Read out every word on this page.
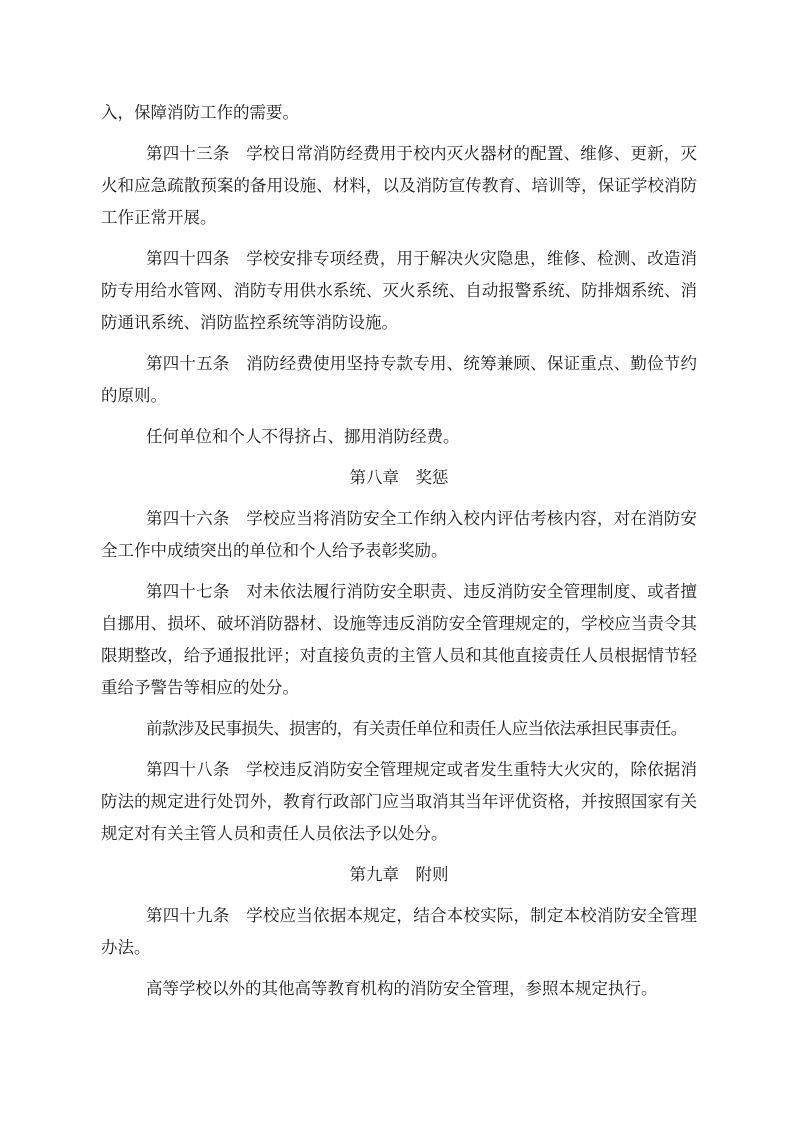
入，保障消防工作的需要。

第四十三条　学校日常消防经费用于校内灭火器材的配置、维修、更新，灭火和应急疏散预案的备用设施、材料，以及消防宣传教育、培训等，保证学校消防工作正常开展。

第四十四条　学校安排专项经费，用于解决火灾隐患，维修、检测、改造消防专用给水管网、消防专用供水系统、灭火系统、自动报警系统、防排烟系统、消防通讯系统、消防监控系统等消防设施。

第四十五条　消防经费使用坚持专款专用、统筹兼顾、保证重点、勤俭节约的原则。

任何单位和个人不得挤占、挪用消防经费。

第八章　奖惩

第四十六条　学校应当将消防安全工作纳入校内评估考核内容，对在消防安全工作中成绩突出的单位和个人给予表彰奖励。

第四十七条　对未依法履行消防安全职责、违反消防安全管理制度、或者擅自挪用、损坏、破坏消防器材、设施等违反消防安全管理规定的，学校应当责令其限期整改，给予通报批评；对直接负责的主管人员和其他直接责任人员根据情节轻重给予警告等相应的处分。

前款涉及民事损失、损害的，有关责任单位和责任人应当依法承担民事责任。

第四十八条　学校违反消防安全管理规定或者发生重特大火灾的，除依据消防法的规定进行处罚外，教育行政部门应当取消其当年评优资格，并按照国家有关规定对有关主管人员和责任人员依法予以处分。

第九章　附则

第四十九条　学校应当依据本规定，结合本校实际，制定本校消防安全管理办法。

高等学校以外的其他高等教育机构的消防安全管理，参照本规定执行。
